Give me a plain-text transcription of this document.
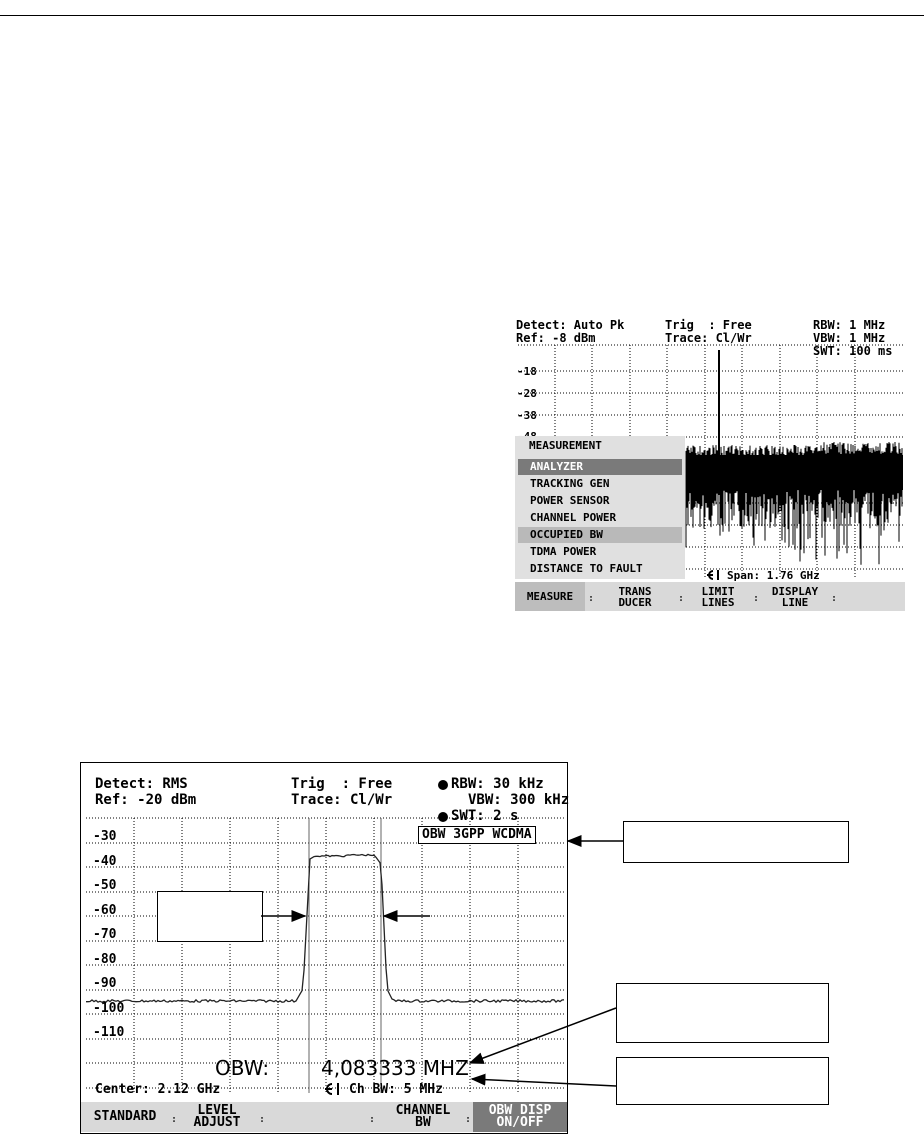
Detect: Auto Pk
Ref: -8 dBm
Trig  : Free
Trace: Cl/Wr
RBW: 1 MHz
VBW: 1 MHz
SWT: 100 ms
-18
-28
-38
MEASUREMENT
ANALYZER
TRACKING GEN
POWER SENSOR
CHANNEL POWER
OCCUPIED BW
TDMA POWER
DISTANCE TO FAULT
Span: 1.76 GHz
MEASURE	:
TRANS
DUCER	:
LIMIT
LINES	:
DISPLAY
LINE	:
Detect: RMS
Ref: -20 dBm
Trig  : Free
Trace: Cl/Wr
RBW: 30 kHz
VBW: 300 kHz
SWT: 2 s
OBW 3GPP WCDMA
-30
-40
-50
-60
-70
-80
-90
-100
-110
OBW:	4,083333 MHZ
Center: 2.12 GHz	Ch BW: 5 MHz
STANDARD	:
LEVEL
ADJUST	:	:
CHANNEL
BW	:
OBW DISP
ON/OFF
